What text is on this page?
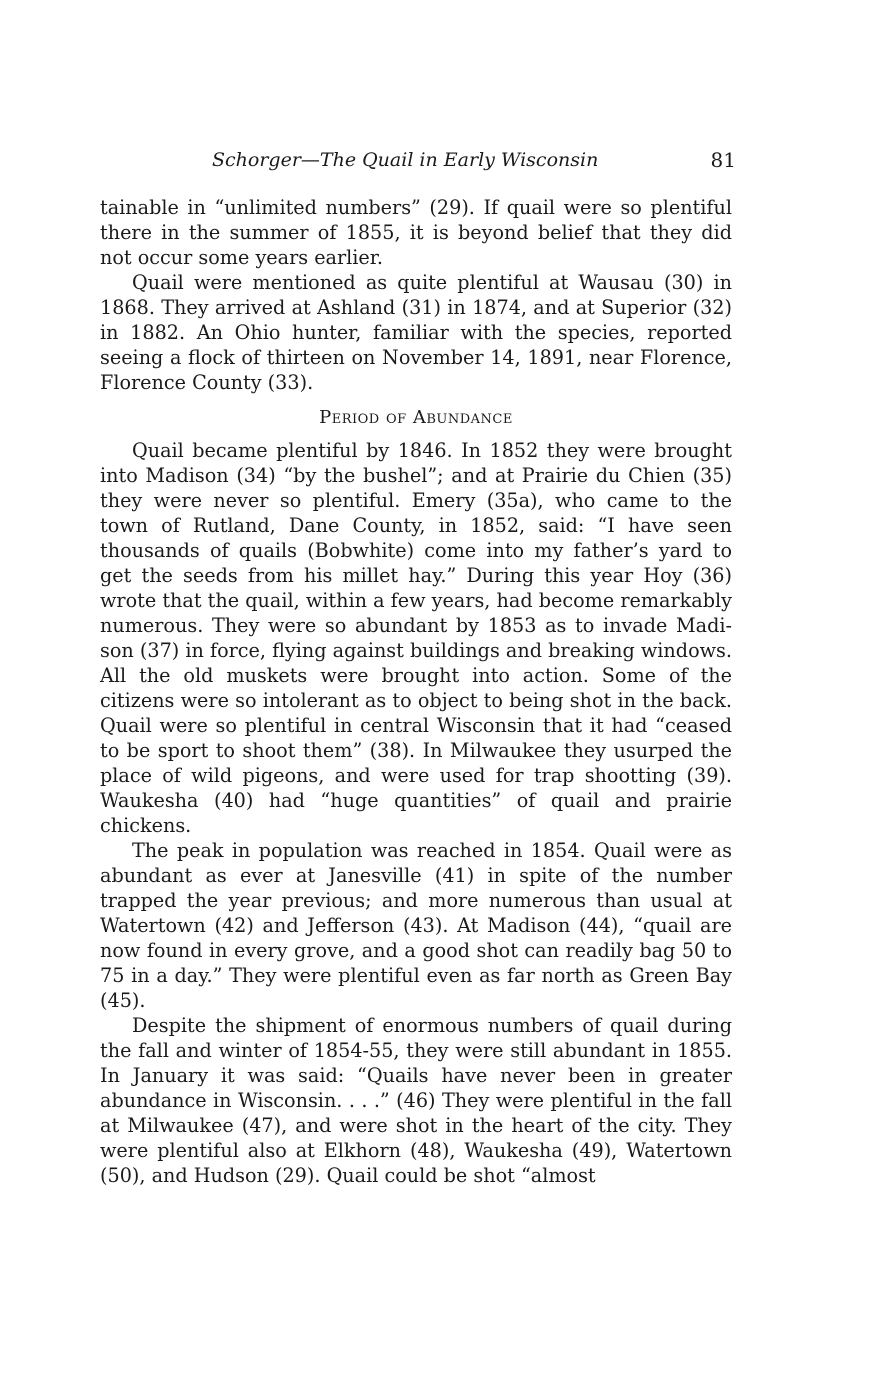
Schorger—The Quail in Early Wisconsin	81

tainable in “unlimited numbers” (29). If quail were so plentiful there in the summer of 1855, it is beyond belief that they did not occur some years earlier.

Quail were mentioned as quite plentiful at Wausau (30) in 1868. They arrived at Ashland (31) in 1874, and at Superior (32) in 1882. An Ohio hunter, familiar with the species, reported seeing a flock of thirteen on November 14, 1891, near Florence, Florence County (33).

Period of Abundance

Quail became plentiful by 1846. In 1852 they were brought into Madison (34) “by the bushel”; and at Prairie du Chien (35) they were never so plentiful. Emery (35a), who came to the town of Rutland, Dane County, in 1852, said: “I have seen thousands of quails (Bobwhite) come into my father’s yard to get the seeds from his millet hay.” During this year Hoy (36) wrote that the quail, within a few years, had become remarkably numerous. They were so abundant by 1853 as to invade Madison (37) in force, flying against buildings and breaking windows. All the old muskets were brought into action. Some of the citizens were so intolerant as to object to being shot in the back. Quail were so plentiful in central Wisconsin that it had “ceased to be sport to shoot them” (38). In Milwaukee they usurped the place of wild pigeons, and were used for trap shootting (39). Waukesha (40) had “huge quantities” of quail and prairie chickens.

The peak in population was reached in 1854. Quail were as abundant as ever at Janesville (41) in spite of the number trapped the year previous; and more numerous than usual at Watertown (42) and Jefferson (43). At Madison (44), “quail are now found in every grove, and a good shot can readily bag 50 to 75 in a day.” They were plentiful even as far north as Green Bay (45).

Despite the shipment of enormous numbers of quail during the fall and winter of 1854-55, they were still abundant in 1855. In January it was said: “Quails have never been in greater abundance in Wisconsin. . . .” (46) They were plentiful in the fall at Milwaukee (47), and were shot in the heart of the city. They were plentiful also at Elkhorn (48), Waukesha (49), Watertown (50), and Hudson (29). Quail could be shot “almost
